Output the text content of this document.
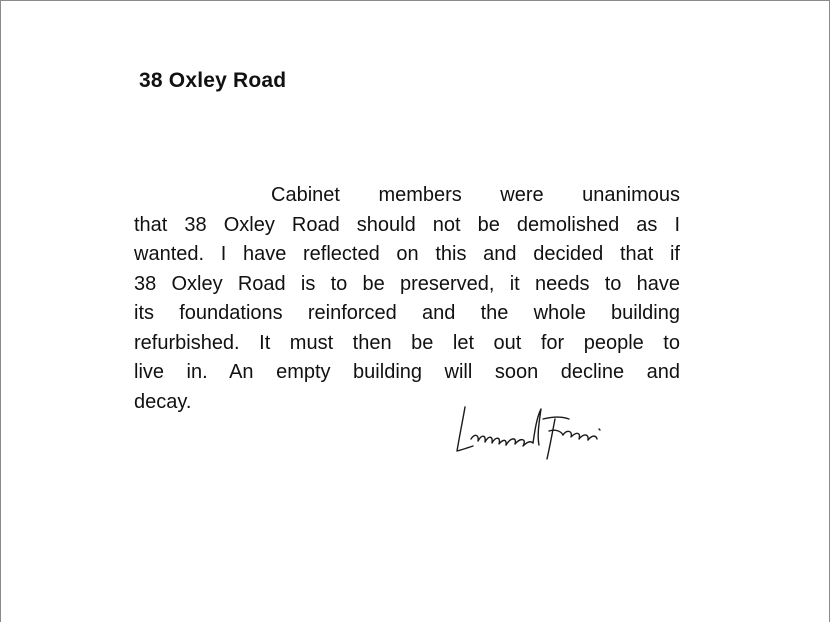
38 Oxley Road

Cabinet members were unanimous
that 38 Oxley Road should not be demolished as I
wanted. I have reflected on this and decided that if
38 Oxley Road is to be preserved, it needs to have
its foundations reinforced and the whole building
refurbished. It must then be let out for people to
live in. An empty building will soon decline and
decay.
